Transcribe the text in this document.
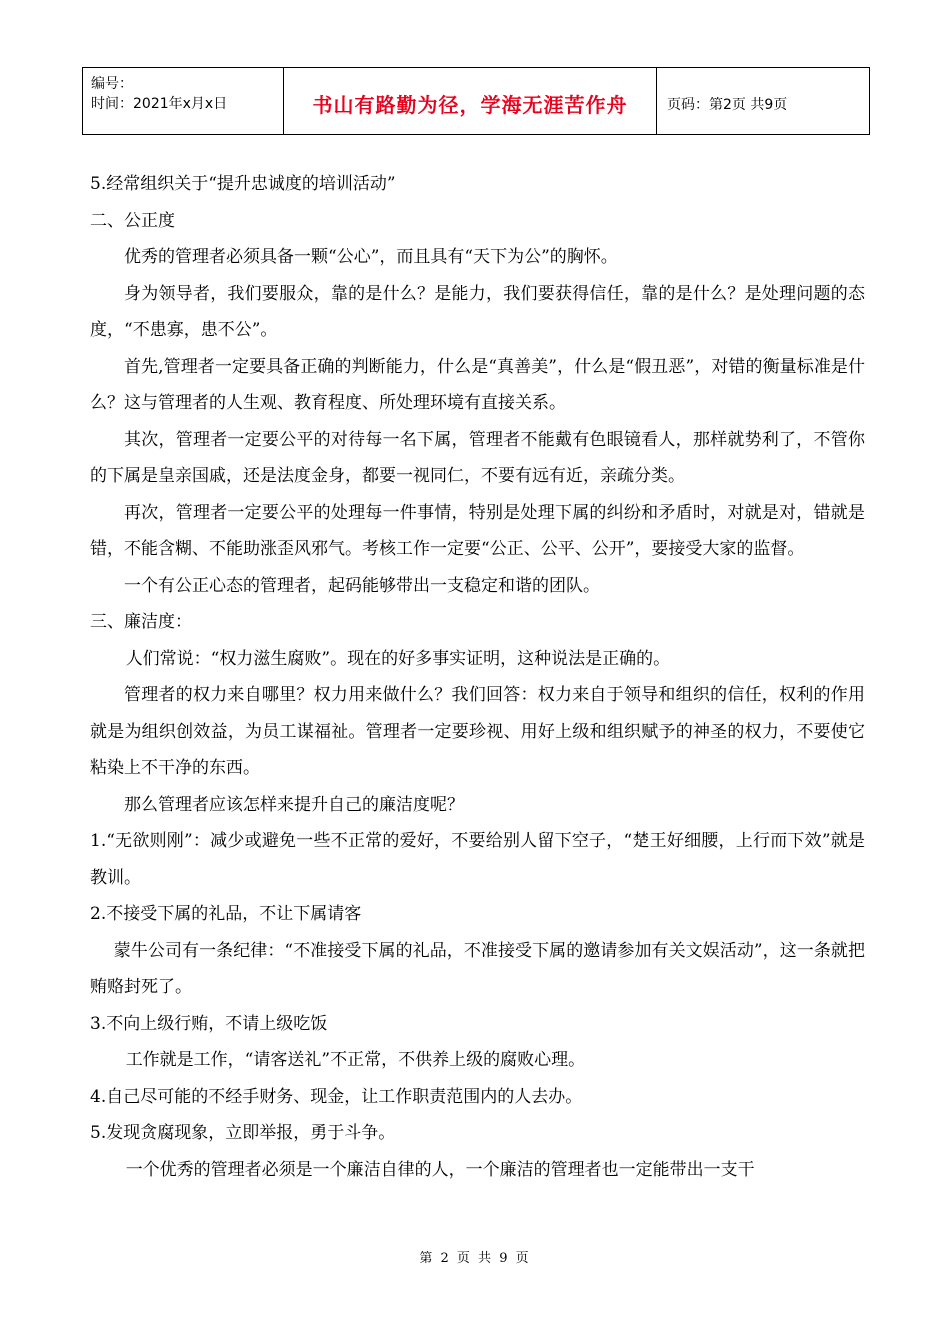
编号：
时间：2021年x月x日	书山有路勤为径，学海无涯苦作舟	页码：第2页 共9页

5.经常组织关于“提升忠诚度的培训活动”

二、公正度

优秀的管理者必须具备一颗“公心”，而且具有“天下为公”的胸怀。

身为领导者，我们要服众，靠的是什么？是能力，我们要获得信任，靠的是什么？是处理问题的态度，“不患寡，患不公”。

首先,管理者一定要具备正确的判断能力，什么是“真善美”，什么是“假丑恶”，对错的衡量标准是什么？这与管理者的人生观、教育程度、所处理环境有直接关系。

其次，管理者一定要公平的对待每一名下属，管理者不能戴有色眼镜看人，那样就势利了，不管你的下属是皇亲国戚，还是法度金身，都要一视同仁，不要有远有近，亲疏分类。

再次，管理者一定要公平的处理每一件事情，特别是处理下属的纠纷和矛盾时，对就是对，错就是错，不能含糊、不能助涨歪风邪气。考核工作一定要“公正、公平、公开”，要接受大家的监督。

一个有公正心态的管理者，起码能够带出一支稳定和谐的团队。

三、廉洁度：

人们常说：“权力滋生腐败”。现在的好多事实证明，这种说法是正确的。

管理者的权力来自哪里？权力用来做什么？我们回答：权力来自于领导和组织的信任，权利的作用就是为组织创效益，为员工谋福祉。管理者一定要珍视、用好上级和组织赋予的神圣的权力，不要使它粘染上不干净的东西。

那么管理者应该怎样来提升自己的廉洁度呢？

1.“无欲则刚”：减少或避免一些不正常的爱好，不要给别人留下空子，“楚王好细腰，上行而下效”就是教训。

2.不接受下属的礼品，不让下属请客

蒙牛公司有一条纪律：“不准接受下属的礼品，不准接受下属的邀请参加有关文娱活动”，这一条就把贿赂封死了。

3.不向上级行贿，不请上级吃饭

工作就是工作，“请客送礼”不正常，不供养上级的腐败心理。

4.自己尽可能的不经手财务、现金，让工作职责范围内的人去办。

5.发现贪腐现象，立即举报，勇于斗争。

一个优秀的管理者必须是一个廉洁自律的人，一个廉洁的管理者也一定能带出一支干

第 2 页 共 9 页
